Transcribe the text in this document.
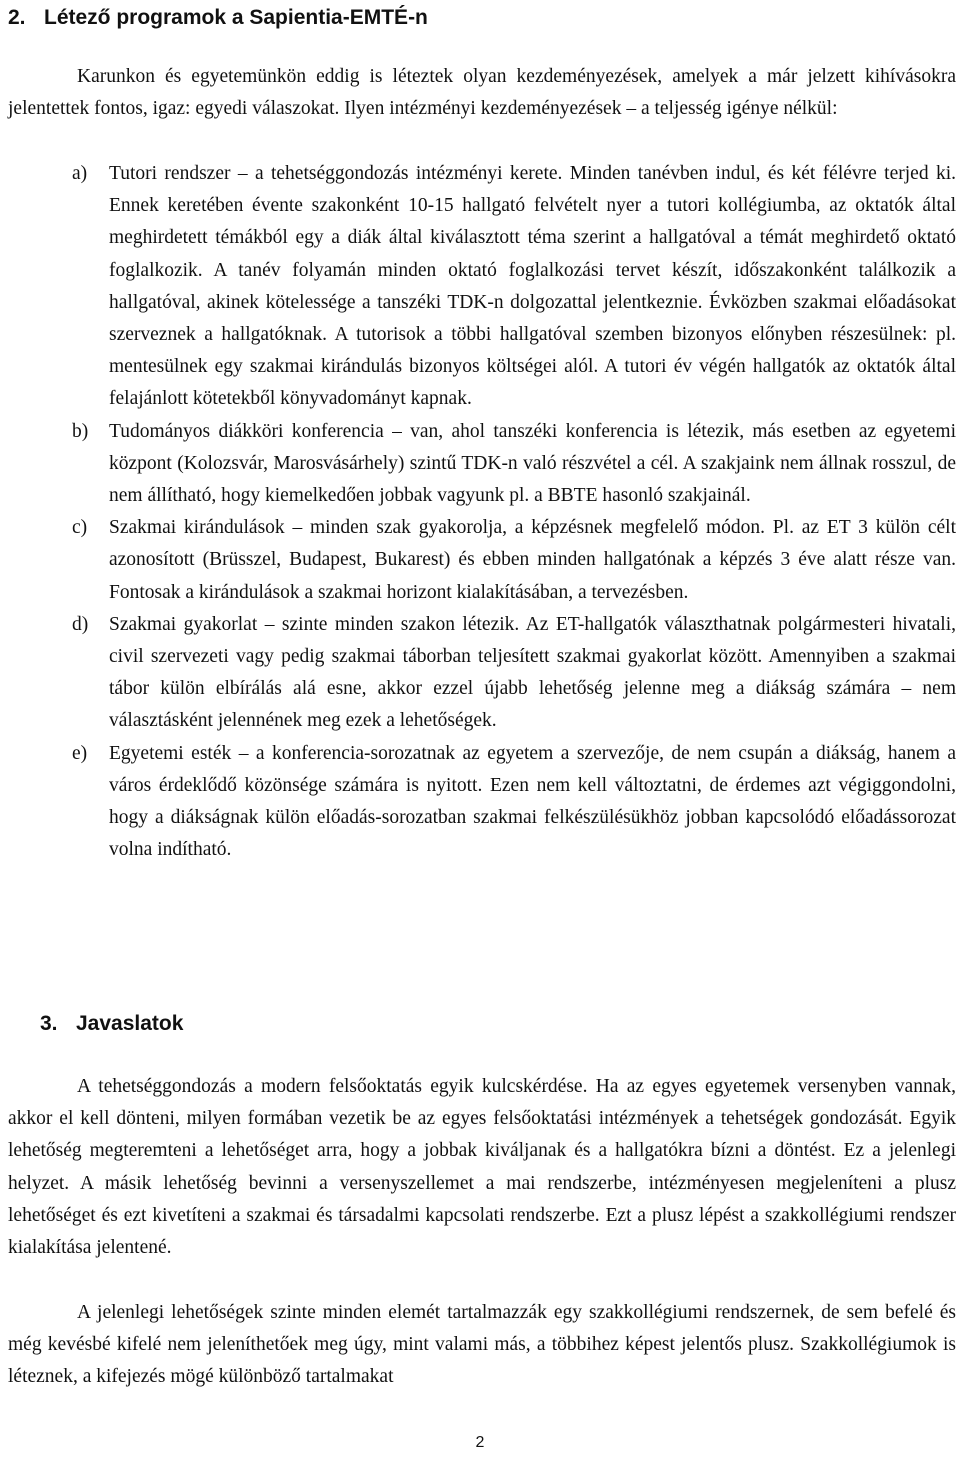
2. Létező programok a Sapientia-EMTÉ-n

Karunkon és egyetemünkön eddig is léteztek olyan kezdeményezések, amelyek a már jelzett kihívásokra jelentettek fontos, igaz: egyedi válaszokat. Ilyen intézményi kezdeményezések – a teljesség igénye nélkül:

a) Tutori rendszer – a tehetséggondozás intézményi kerete. Minden tanévben indul, és két félévre terjed ki. Ennek keretében évente szakonként 10-15 hallgató felvételt nyer a tutori kollégiumba, az oktatók által meghirdetett témákból egy a diák által kiválasztott téma szerint a hallgatóval a témát meghirdető oktató foglalkozik. A tanév folyamán minden oktató foglalkozási tervet készít, időszakonként találkozik a hallgatóval, akinek kötelessége a tanszéki TDK-n dolgozattal jelentkeznie. Évközben szakmai előadásokat szerveznek a hallgatóknak. A tutorisok a többi hallgatóval szemben bizonyos előnyben részesülnek: pl. mentesülnek egy szakmai kirándulás bizonyos költségei alól. A tutori év végén hallgatók az oktatók által felajánlott kötetekből könyvadományt kapnak.
b) Tudományos diákköri konferencia – van, ahol tanszéki konferencia is létezik, más esetben az egyetemi központ (Kolozsvár, Marosvásárhely) szintű TDK-n való részvétel a cél. A szakjaink nem állnak rosszul, de nem állítható, hogy kiemelkedően jobbak vagyunk pl. a BBTE hasonló szakjainál.
c) Szakmai kirándulások – minden szak gyakorolja, a képzésnek megfelelő módon. Pl. az ET 3 külön célt azonosított (Brüsszel, Budapest, Bukarest) és ebben minden hallgatónak a képzés 3 éve alatt része van. Fontosak a kirándulások a szakmai horizont kialakításában, a tervezésben.
d) Szakmai gyakorlat – szinte minden szakon létezik. Az ET-hallgatók választhatnak polgármesteri hivatali, civil szervezeti vagy pedig szakmai táborban teljesített szakmai gyakorlat között. Amennyiben a szakmai tábor külön elbírálás alá esne, akkor ezzel újabb lehetőség jelenne meg a diákság számára – nem választásként jelennének meg ezek a lehetőségek.
e) Egyetemi esték – a konferencia-sorozatnak az egyetem a szervezője, de nem csupán a diákság, hanem a város érdeklődő közönsége számára is nyitott. Ezen nem kell változtatni, de érdemes azt végiggondolni, hogy a diákságnak külön előadás-sorozatban szakmai felkészülésükhöz jobban kapcsolódó előadássorozat volna indítható.
3. Javaslatok

A tehetséggondozás a modern felsőoktatás egyik kulcskérdése. Ha az egyes egyetemek versenyben vannak, akkor el kell dönteni, milyen formában vezetik be az egyes felsőoktatási intézmények a tehetségek gondozását. Egyik lehetőség megteremteni a lehetőséget arra, hogy a jobbak kiváljanak és a hallgatókra bízni a döntést. Ez a jelenlegi helyzet. A másik lehetőség bevinni a versenyszellemet a mai rendszerbe, intézményesen megjeleníteni a plusz lehetőséget és ezt kivetíteni a szakmai és társadalmi kapcsolati rendszerbe. Ezt a plusz lépést a szakkollégiumi rendszer kialakítása jelentené.

A jelenlegi lehetőségek szinte minden elemét tartalmazzák egy szakkollégiumi rendszernek, de sem befelé és még kevésbé kifelé nem jeleníthetőek meg úgy, mint valami más, a többihez képest jelentős plusz. Szakkollégiumok is léteznek, a kifejezés mögé különböző tartalmakat

2
